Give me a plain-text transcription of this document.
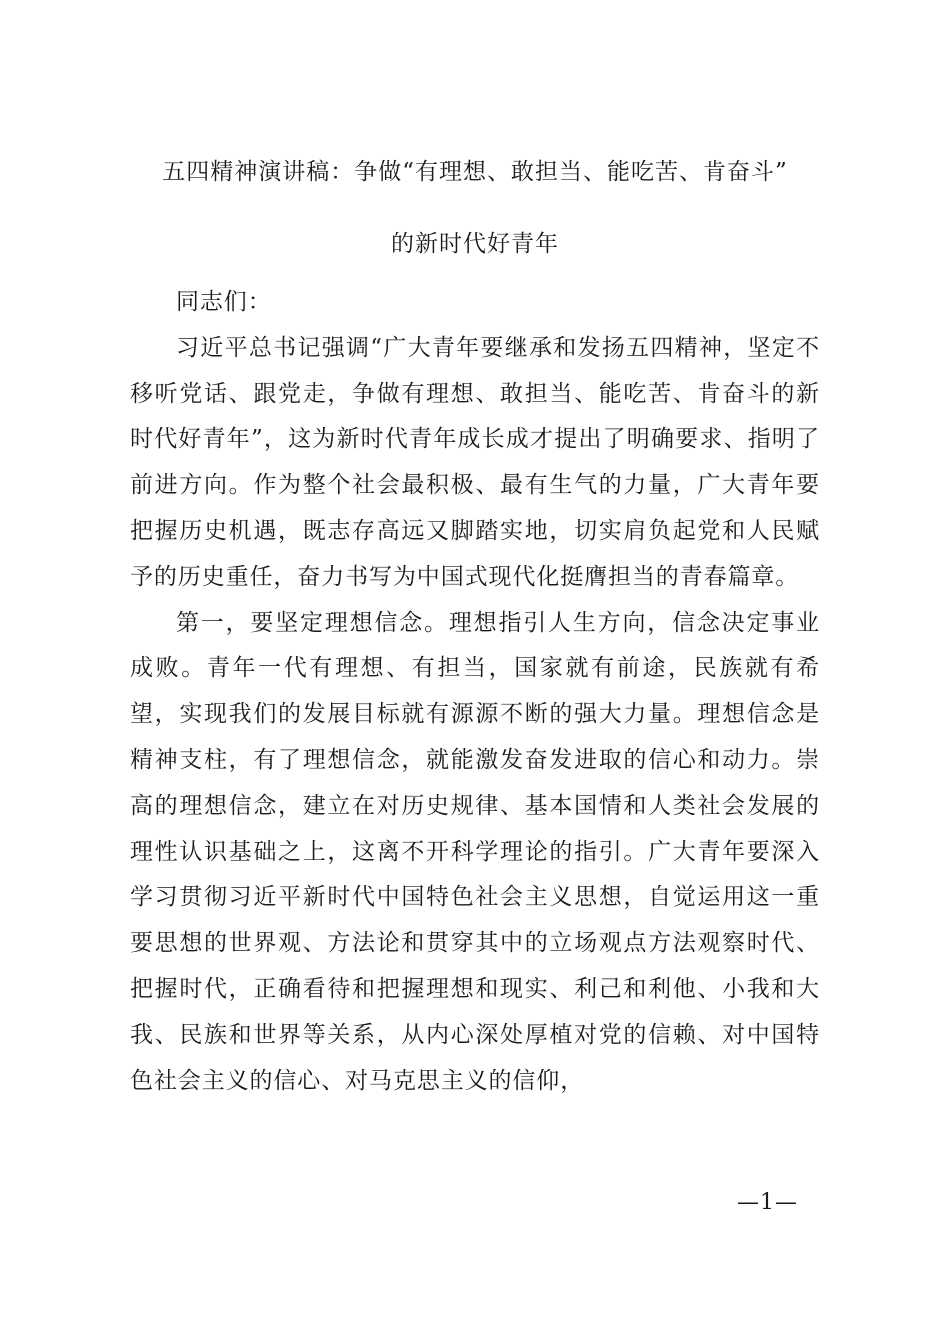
五四精神演讲稿：争做“有理想、敢担当、能吃苦、肯奋斗”
的新时代好青年

同志们：

习近平总书记强调“广大青年要继承和发扬五四精神，坚定不移听党话、跟党走，争做有理想、敢担当、能吃苦、肯奋斗的新时代好青年”，这为新时代青年成长成才提出了明确要求、指明了前进方向。作为整个社会最积极、最有生气的力量，广大青年要把握历史机遇，既志存高远又脚踏实地，切实肩负起党和人民赋予的历史重任，奋力书写为中国式现代化挺膺担当的青春篇章。

第一，要坚定理想信念。理想指引人生方向，信念决定事业成败。青年一代有理想、有担当，国家就有前途，民族就有希望，实现我们的发展目标就有源源不断的强大力量。理想信念是精神支柱，有了理想信念，就能激发奋发进取的信心和动力。崇高的理想信念，建立在对历史规律、基本国情和人类社会发展的理性认识基础之上，这离不开科学理论的指引。广大青年要深入学习贯彻习近平新时代中国特色社会主义思想，自觉运用这一重要思想的世界观、方法论和贯穿其中的立场观点方法观察时代、把握时代，正确看待和把握理想和现实、利己和利他、小我和大我、民族和世界等关系，从内心深处厚植对党的信赖、对中国特色社会主义的信心、对马克思主义的信仰，

—1—
